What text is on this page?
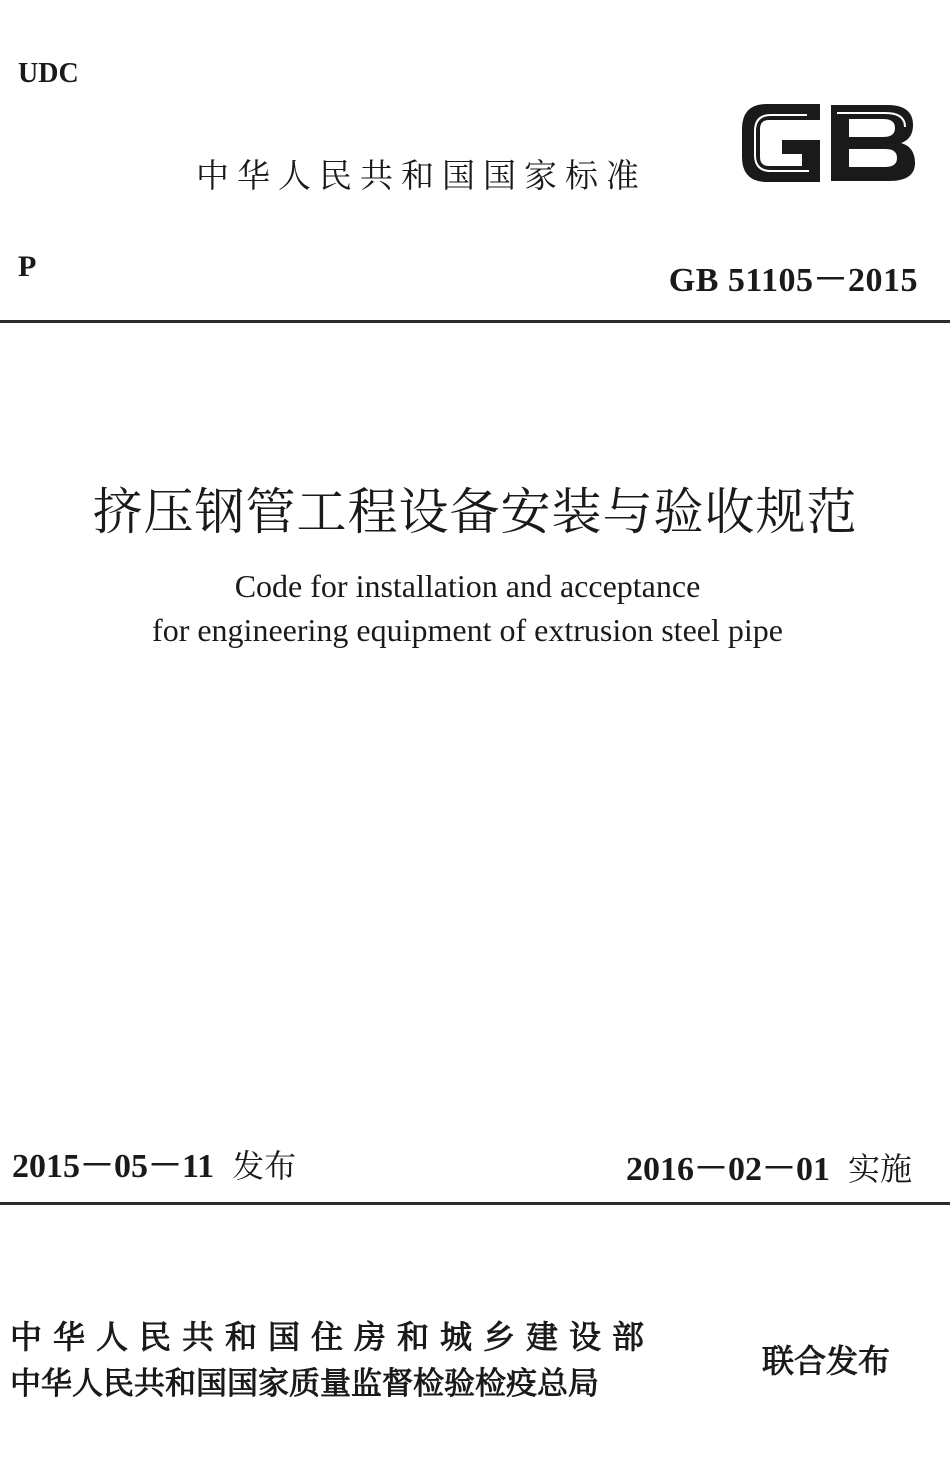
UDC
中华人民共和国国家标准
P	GB 51105－2015
挤压钢管工程设备安装与验收规范
Code for installation and acceptance
for engineering equipment of extrusion steel pipe
2015－05－11 发布	2016－02－01 实施
中华人民共和国住房和城乡建设部
中华人民共和国国家质量监督检验检疫总局
联合发布
